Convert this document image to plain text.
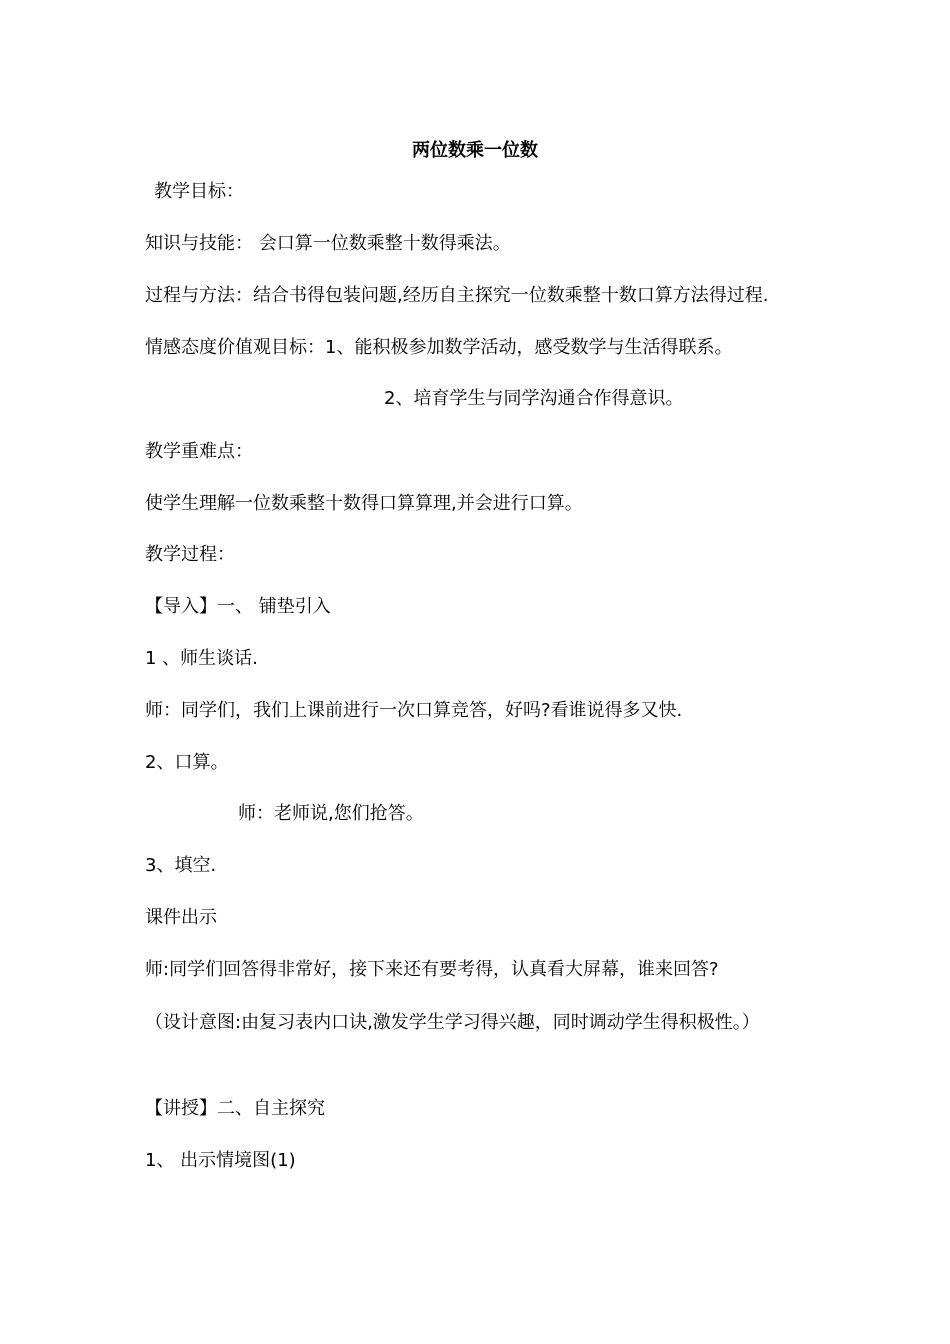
两位数乘一位数
教学目标：
知识与技能： 会口算一位数乘整十数得乘法。
过程与方法：结合书得包装问题,经历自主探究一位数乘整十数口算方法得过程.
情感态度价值观目标：1、能积极参加数学活动，感受数学与生活得联系。
2、培育学生与同学沟通合作得意识。
教学重难点：
使学生理解一位数乘整十数得口算算理,并会进行口算。
教学过程：
【导入】一、 铺垫引入
1 、师生谈话.
师：同学们，我们上课前进行一次口算竞答，好吗?看谁说得多又快.
2、口算。
师：老师说,您们抢答。
3、填空.
课件出示
师:同学们回答得非常好，接下来还有要考得，认真看大屏幕，谁来回答?
（设计意图:由复习表内口诀,激发学生学习得兴趣，同时调动学生得积极性。）
【讲授】二、自主探究
1、 出示情境图(1)
